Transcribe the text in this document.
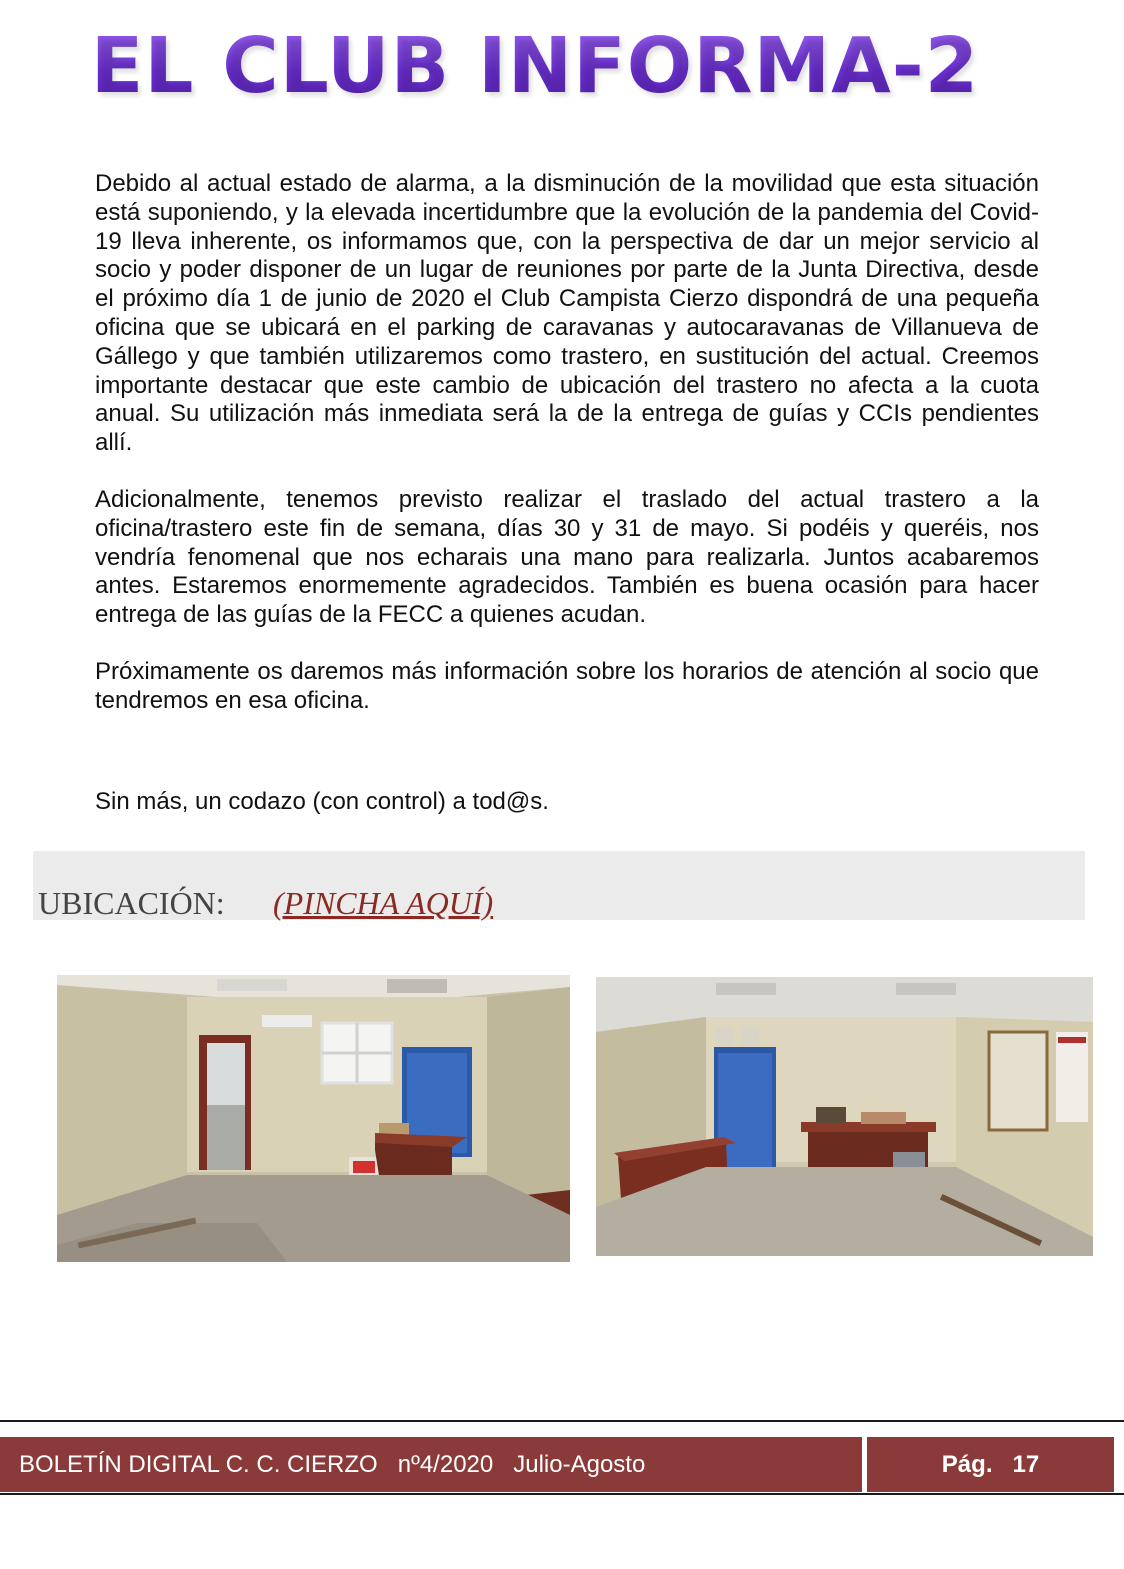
EL CLUB INFORMA-2

Debido al actual estado de alarma, a la disminución de la movilidad que esta situación está suponiendo, y la elevada incertidumbre que la evolución de la pandemia del Covid-19 lleva inherente, os informamos que, con la perspectiva de dar un mejor servicio al socio y poder disponer de un lugar de reuniones por parte de la Junta Directiva, desde el próximo día 1 de junio de 2020 el Club Campista Cierzo dispondrá de una pequeña oficina que se ubicará en el parking de caravanas y autocaravanas de Villanueva de Gállego y que también utilizaremos como trastero, en sustitución del actual. Creemos importante destacar que este cambio de ubicación del trastero no afecta a la cuota anual. Su utilización más inmediata será la de la entrega de guías y CCIs pendientes allí.

Adicionalmente, tenemos previsto realizar el traslado del actual trastero a la oficina/trastero este fin de semana, días 30 y 31 de mayo. Si podéis y queréis, nos vendría fenomenal que nos echarais una mano para realizarla. Juntos acabaremos antes. Estaremos enormemente agradecidos. También es buena ocasión para hacer entrega de las guías de la FECC a quienes acudan.

Próximamente os daremos más información sobre los horarios de atención al socio que tendremos en esa oficina.

Sin más, un codazo (con control) a tod@s.

UBICACIÓN: (PINCHA AQUÍ)
BOLETÍN DIGITAL C. C. CIERZO   nº4/2020   Julio-Agosto	Pág.   17
